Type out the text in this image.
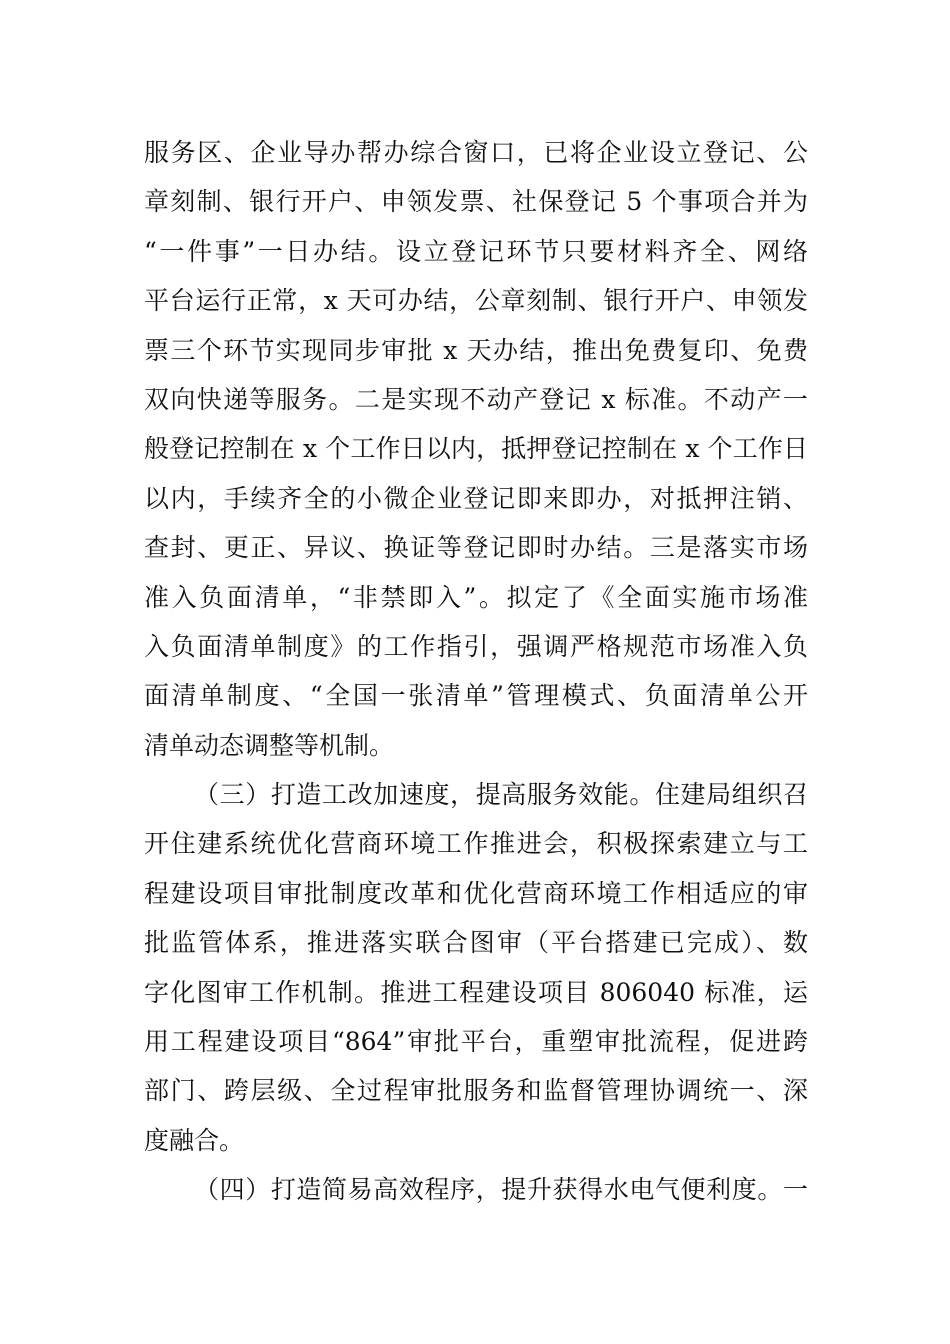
服务区、企业导办帮办综合窗口，已将企业设立登记、公
章刻制、银行开户、申领发票、社保登记 5 个事项合并为
“一件事”一日办结。设立登记环节只要材料齐全、网络
平台运行正常，x 天可办结，公章刻制、银行开户、申领发
票三个环节实现同步审批 x 天办结，推出免费复印、免费
双向快递等服务。二是实现不动产登记 x 标准。不动产一
般登记控制在 x 个工作日以内，抵押登记控制在 x 个工作日
以内，手续齐全的小微企业登记即来即办，对抵押注销、
查封、更正、异议、换证等登记即时办结。三是落实市场
准入负面清单，“非禁即入”。拟定了《全面实施市场准
入负面清单制度》的工作指引，强调严格规范市场准入负
面清单制度、“全国一张清单”管理模式、负面清单公开
清单动态调整等机制。
（三）打造工改加速度，提高服务效能。住建局组织召
开住建系统优化营商环境工作推进会，积极探索建立与工
程建设项目审批制度改革和优化营商环境工作相适应的审
批监管体系，推进落实联合图审（平台搭建已完成）、数
字化图审工作机制。推进工程建设项目 806040 标准，运
用工程建设项目“864”审批平台，重塑审批流程，促进跨
部门、跨层级、全过程审批服务和监督管理协调统一、深
度融合。
（四）打造简易高效程序，提升获得水电气便利度。一
